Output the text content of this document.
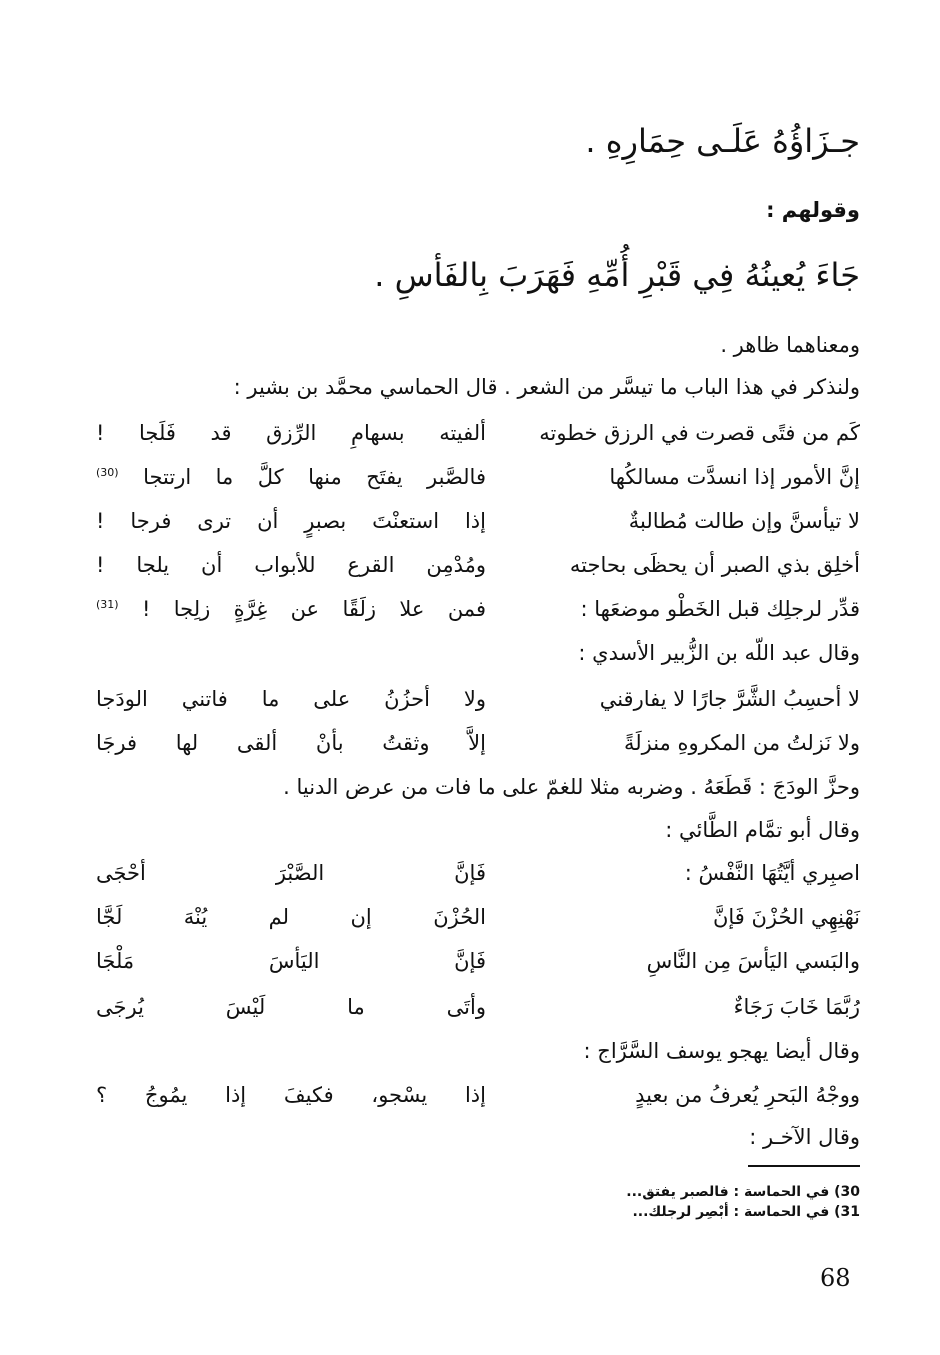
جـزَاؤُهُ عَلَـى حِمَارِهِ .
وقولهم :
جَاءَ يُعينُهُ فِي قَبْرِ أُمِّهِ فَهَرَبَ بِالفَأسِ .
ومعناهما ظاهر .
ولنذكر في هذا الباب ما تيسَّر من الشعر . قال الحماسي محمَّد بن بشير :
كَم من فتًى قصرت في الرزق خطوته
ألفيته بسهامِ الرِّزق قد فَلَجا !
إنَّ الأمور إذا انسدَّت مسالكُها
فالصَّبر يفتَح منها كلَّ ما ارتتجا $^{(30)}$
لا تيأسنَّ وإن طالت مُطالبةٌ
إذا استعنْتَ بصبرٍ أن ترى فرجا !
أخلِق بذي الصبر أن يحظَى بحاجته
ومُدْمِن القرع للأبواب أن يلجا !
قدِّر لرجلِك قبل الخَطْو موضعَها :
فمن علا زلَقًا عن غِرَّةٍ زلِجا ! $^{(31)}$
وقال عبد اللّه بن الزُّبير الأسدي :
لا أحسِبُ الشَّرَّ جارًا لا يفارقني
ولا أحزُنُ على ما فاتني الودَجا
ولا نَزلتُ من المكروهِ منزلَةً
إلاَّ وثقتُ بأنْ ألقى لها فرجَا
وحزَّ الودَجَ : قَطَعَهُ . وضربه مثلا للغمّ على ما فات من عرض الدنيا .
وقال أبو تمَّام الطَّائي :
اصبِري أيَّتُهَا النَّفْسُ :
فَإنَّ الصَّبْرَ أحْجَى
نَهْنِهِي الحُزْنَ فَإنَّ
الحُزْنَ إن لم يُنْهَ لَجَّا
والبَسي اليَأسَ مِن النَّاسِ
فَإنَّ اليَأسَ مَلْجَا
رُبَّمَا خَابَ رَجَاءٌ
وأتَى ما لَيْسَ يُرجَى
وقال أيضا يهجو يوسف السَّرَّاج :
ووجْهُ البَحرِ يُعرفُ من بعيدٍ
إذا يسْجو، فكيفَ إذا يمُوجُ ؟
وقال الآخـر :
30) في الحماسة : فالصبر يفتق...
31) في الحماسة : أبْصِر لرجلك...
68
